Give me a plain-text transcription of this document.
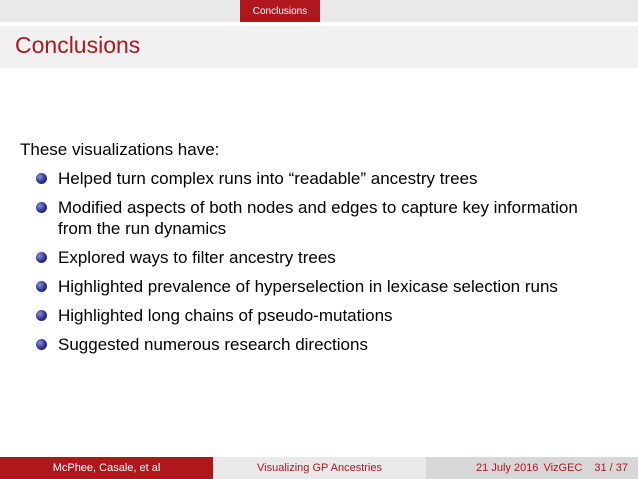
Conclusions
Conclusions
These visualizations have:
Helped turn complex runs into “readable” ancestry trees
Modified aspects of both nodes and edges to capture key information from the run dynamics
Explored ways to filter ancestry trees
Highlighted prevalence of hyperselection in lexicase selection runs
Highlighted long chains of pseudo-mutations
Suggested numerous research directions
McPhee, Casale, et al	Visualizing GP Ancestries	21 July 2016 VizGEC 31 / 37
